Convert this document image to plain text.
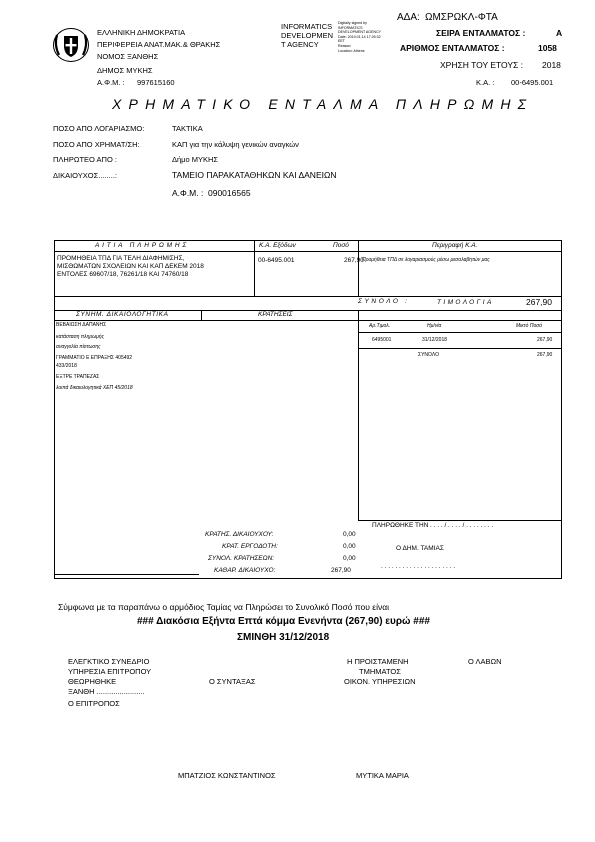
ΕΛΛΗΝΙΚΗ ΔΗΜΟΚΡΑΤΙΑ
ΠΕΡΙΦΕΡΕΙΑ ΑΝΑΤ.ΜΑΚ.& ΘΡΑΚΗΣ
ΝΟΜΟΣ ΞΑΝΘΗΣ
ΔΗΜΟΣ ΜΥΚΗΣ
Α.Φ.Μ. : 997615160
INFORMATICS
DEVELOPMEN
T AGENCY
Digitally signed by
INFORMATICS
DEVELOPMENT AGENCY
Date: 2019.01.14 17:26:32
EET
Reason:
Location: Athens
ΑΔΑ: ΩΜΣΡΩΚΛ-ΦΤΑ
ΣΕΙΡΑ ΕΝΤΑΛΜΑΤΟΣ :	Α
ΑΡΙΘΜΟΣ ΕΝΤΑΛΜΑΤΟΣ :	1058
ΧΡΗΣΗ ΤΟΥ ΕΤΟΥΣ : 2018
Κ.Α. : 00-6495.001
ΧΡΗΜΑΤΙΚΟ ΕΝΤΑΛΜΑ ΠΛΗΡΩΜΗΣ
ΠΟΣΟ ΑΠΟ ΛΟΓΑΡΙΑΣΜΟ:	ΤΑΚΤΙΚΑ
ΠΟΣΟ ΑΠΟ ΧΡΗΜΑΤ/ΣΗ:	ΚΑΠ για την κάλυψη γενικών αναγκών
ΠΛΗΡΩΤΕΟ ΑΠΟ :	Δήμο ΜΥΚΗΣ
ΔΙΚΑΙΟΥΧΟΣ........:	ΤΑΜΕΙΟ ΠΑΡΑΚΑΤΑΘΗΚΩΝ ΚΑΙ ΔΑΝΕΙΩΝ
Α.Φ.Μ. : 090016565
ΑΙΤΙΑ ΠΛΗΡΩΜΗΣ	Κ.Α. Εξόδων	Ποσό	Περιγραφή Κ.Α.
ΠΡΟΜΗΘΕΙΑ ΤΠΔ ΓΙΑ ΤΕΛΗ ΔΙΑΦΗΜΙΣΗΣ,
ΜΙΣΘΩΜΑΤΩΝ ΣΧΟΛΕΙΩΝ ΚΑΙ ΚΑΠ ΔΕΚΕΜ 2018
ΕΝΤΟΛΕΣ 69607/18, 76261/18 ΚΑΙ 74760/18
00-6495.001	267,90
Προμήθεια ΤΠΔ σε λογαριασμούς μέσω μεσολαβητών μας
ΣΥΝΟΛΟ :	267,90
ΣΥΝΗΜ. ΔΙΚΑΙΟΛΟΓΗΤΙΚΑ	ΚΡΑΤΗΣΕΙΣ
ΤΙΜΟΛΟΓΙΑ
ΒΕΒΑΙΩΣΗ ΔΑΠΑΝΗΣ
κατάσταση πληρωμής
αναγγελία πίστωσης
ΓΡΑΜΜΑΤΙΟ Ε ΕΠΡΑΞΗΣ 405492
433/2018
ΕΞΤΡΕ ΤΡΑΠΕΖΑΣ
λοιπά δικαιολογητικά ΧΕΠ 45/2018
Αρ.Τιμολ.	Ημ/νία	Μικτό Ποσό
6495001	31/12/2018	267,90
ΣΥΝΟΛΟ	267,90
ΠΛΗΡΩΘΗΚΕ ΤΗΝ . . . . / . . . . / . . . . . . . .
Ο ΔΗΜ. ΤΑΜΙΑΣ
. . . . . . . . . . . . . . . . . . . . .
ΚΡΑΤΗΣ. ΔΙΚΑΙΟΥΧΟΥ:	0,00
ΚΡΑΤ. ΕΡΓΟΔΟΤΗ:	0,00
ΣΥΝΟΛ. ΚΡΑΤΗΣΕΩΝ:	0,00
ΚΑΘΑΡ. ΔΙΚΑΙΟΥΧΟ:	267,90
Σύμφωνα με τα παραπάνω ο αρμόδιος Ταμίας να Πληρώσει το Συνολικό Ποσό που είναι
### Διακόσια Εξήντα Επτά κόμμα Ενενήντα (267,90) ευρώ ###
ΣΜΙΝΘΗ 31/12/2018
ΕΛΕΓΚΤΙΚΟ ΣΥΝΕΔΡΙΟ
ΥΠΗΡΕΣΙΑ ΕΠΙΤΡΟΠΟΥ
ΘΕΩΡΗΘΗΚΕ
ΞΑΝΘΗ .......................
Ο ΕΠΙΤΡΟΠΟΣ
Ο ΣΥΝΤΑΞΑΣ
Η ΠΡΟΙΣΤΑΜΕΝΗ
ΤΜΗΜΑΤΟΣ
ΟΙΚΟΝ. ΥΠΗΡΕΣΙΩΝ
Ο ΛΑΒΩΝ
ΜΠΑΤΖΙΟΣ ΚΩΝΣΤΑΝΤΙΝΟΣ	ΜΥΤΙΚΑ ΜΑΡΙΑ
